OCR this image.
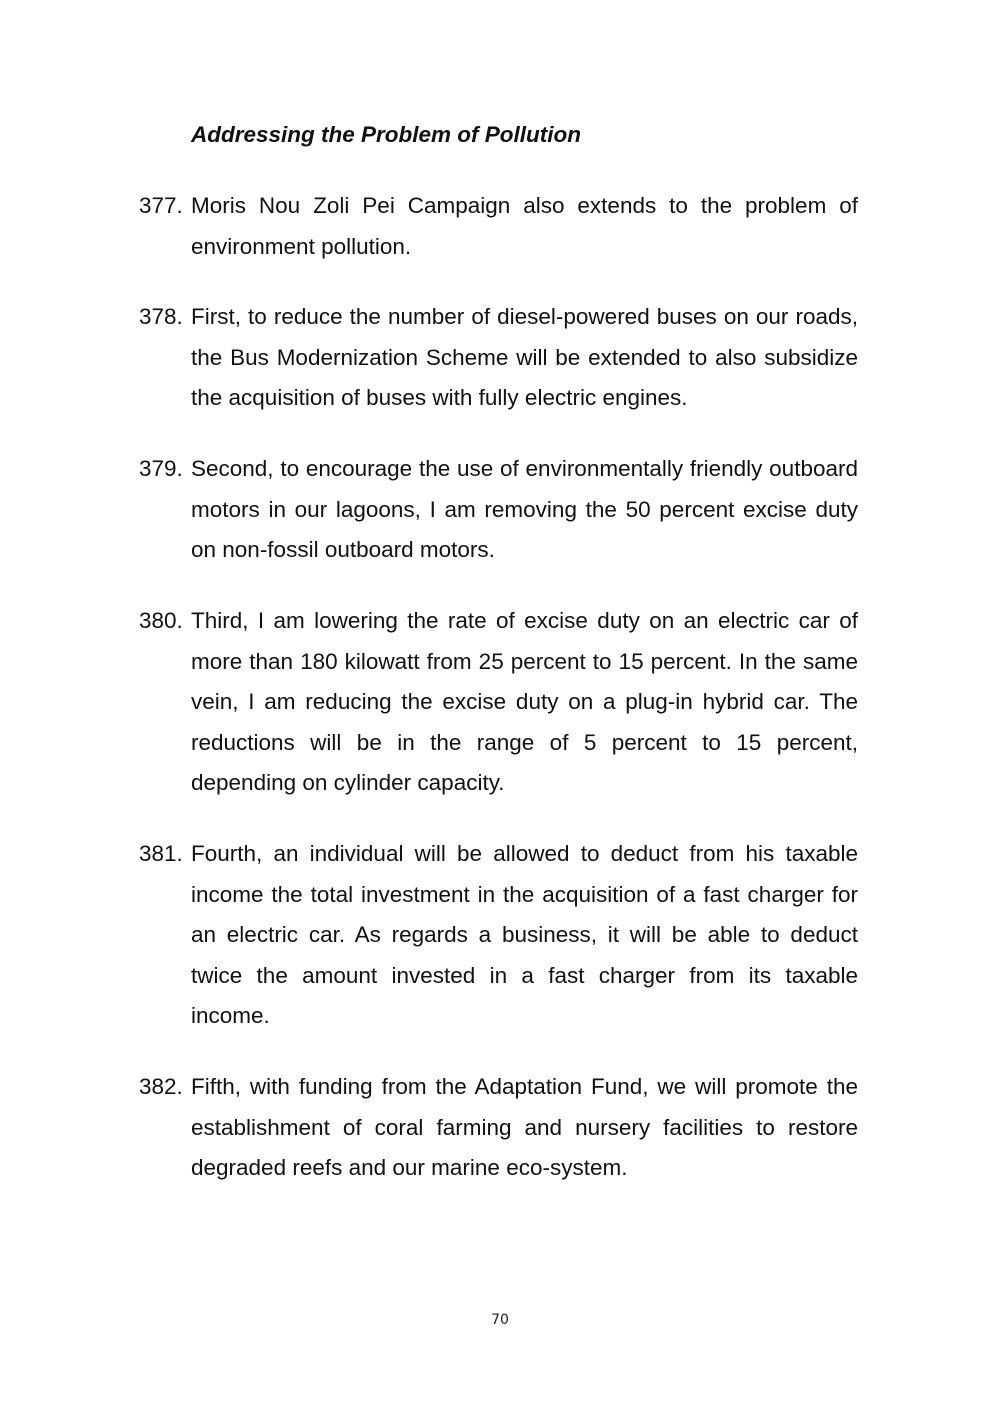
Addressing the Problem of Pollution
377. Moris Nou Zoli Pei Campaign also extends to the problem of environment pollution.
378. First, to reduce the number of diesel-powered buses on our roads, the Bus Modernization Scheme will be extended to also subsidize the acquisition of buses with fully electric engines.
379. Second, to encourage the use of environmentally friendly outboard motors in our lagoons, I am removing the 50 percent excise duty on non-fossil outboard motors.
380. Third, I am lowering the rate of excise duty on an electric car of more than 180 kilowatt from 25 percent to 15 percent. In the same vein, I am reducing the excise duty on a plug-in hybrid car. The reductions will be in the range of 5 percent to 15 percent, depending on cylinder capacity.
381. Fourth, an individual will be allowed to deduct from his taxable income the total investment in the acquisition of a fast charger for an electric car. As regards a business, it will be able to deduct twice the amount invested in a fast charger from its taxable income.
382. Fifth, with funding from the Adaptation Fund, we will promote the establishment of coral farming and nursery facilities to restore degraded reefs and our marine eco-system.
70
